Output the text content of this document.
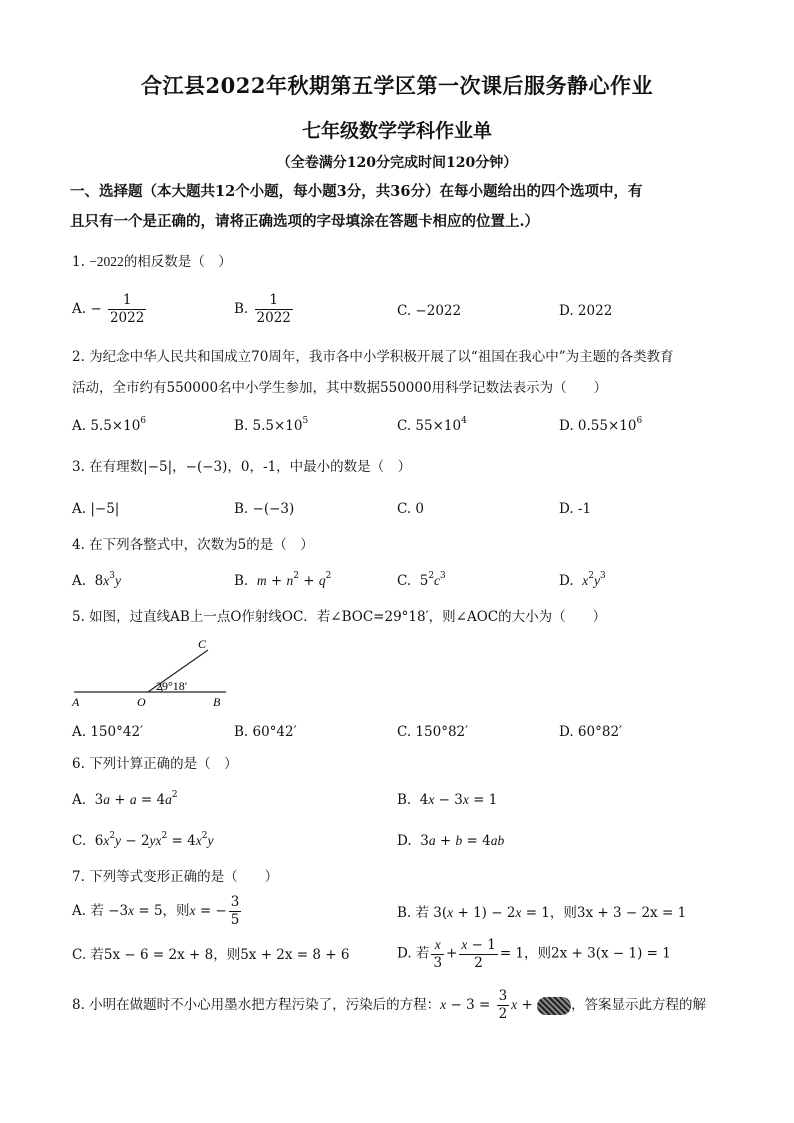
合江县2022年秋期第五学区第一次课后服务静心作业
七年级数学学科作业单
（全卷满分120分完成时间120分钟）
一、选择题（本大题共12个小题，每小题3分，共36分）在每小题给出的四个选项中，有
且只有一个是正确的，请将正确选项的字母填涂在答题卡相应的位置上.）
1. −2022的相反数是（　）
A. − $\frac{1}{2022}$	B. $\frac{1}{2022}$	C. −2022	D. 2022
2. 为纪念中华人民共和国成立70周年，我市各中小学积极开展了以“祖国在我心中”为主题的各类教育
活动，全市约有550000名中小学生参加，其中数据550000用科学记数法表示为（　　）
A. $5.5\times 10^6$	B. $5.5\times 10^5$	C. $55\times 10^4$	D. $0.55\times 10^6$
3. 在有理数|−5|，−(−3)，0，-1，中最小的数是（　）
A. |−5|	B. −(−3)	C. 0	D. -1
4. 在下列各整式中，次数为5的是（　）
A.  $8x^3y$	B. $m + n^2 + q^2$	C.  $5^2c^3$	D. $x^2y^3$
5. 如图，过直线AB上一点O作射线OC．若∠BOC=29°18′，则∠AOC的大小为（　　）
29°18′
A	O	B
C
A. 150°42′	B. 60°42′	C. 150°82′	D. 60°82′
6. 下列计算正确的是（　）
A.  $3a + a = 4a^2$	B.  4x − 3x = 1
C.  $6x^2y - 2yx^2 = 4x^2y$	D.  3a + b = 4ab
7. 下列等式变形正确的是（　　）
A. 若 −3x = 5，则x = − $\frac{3}{5}$	B. 若 3(x + 1) − 2x = 1，则3x + 3 − 2x = 1
C. 若5x − 6 = 2x + 8，则5x + 2x = 8 + 6	D. 若 $\frac{x}{3} + \frac{x - 1}{2} = 1$，则2x + 3(x − 1) = 1
8. 小明在做题时不小心用墨水把方程污染了，污染后的方程：$x - 3 = \frac{3}{2}$ x +	，答案显示此方程的解
